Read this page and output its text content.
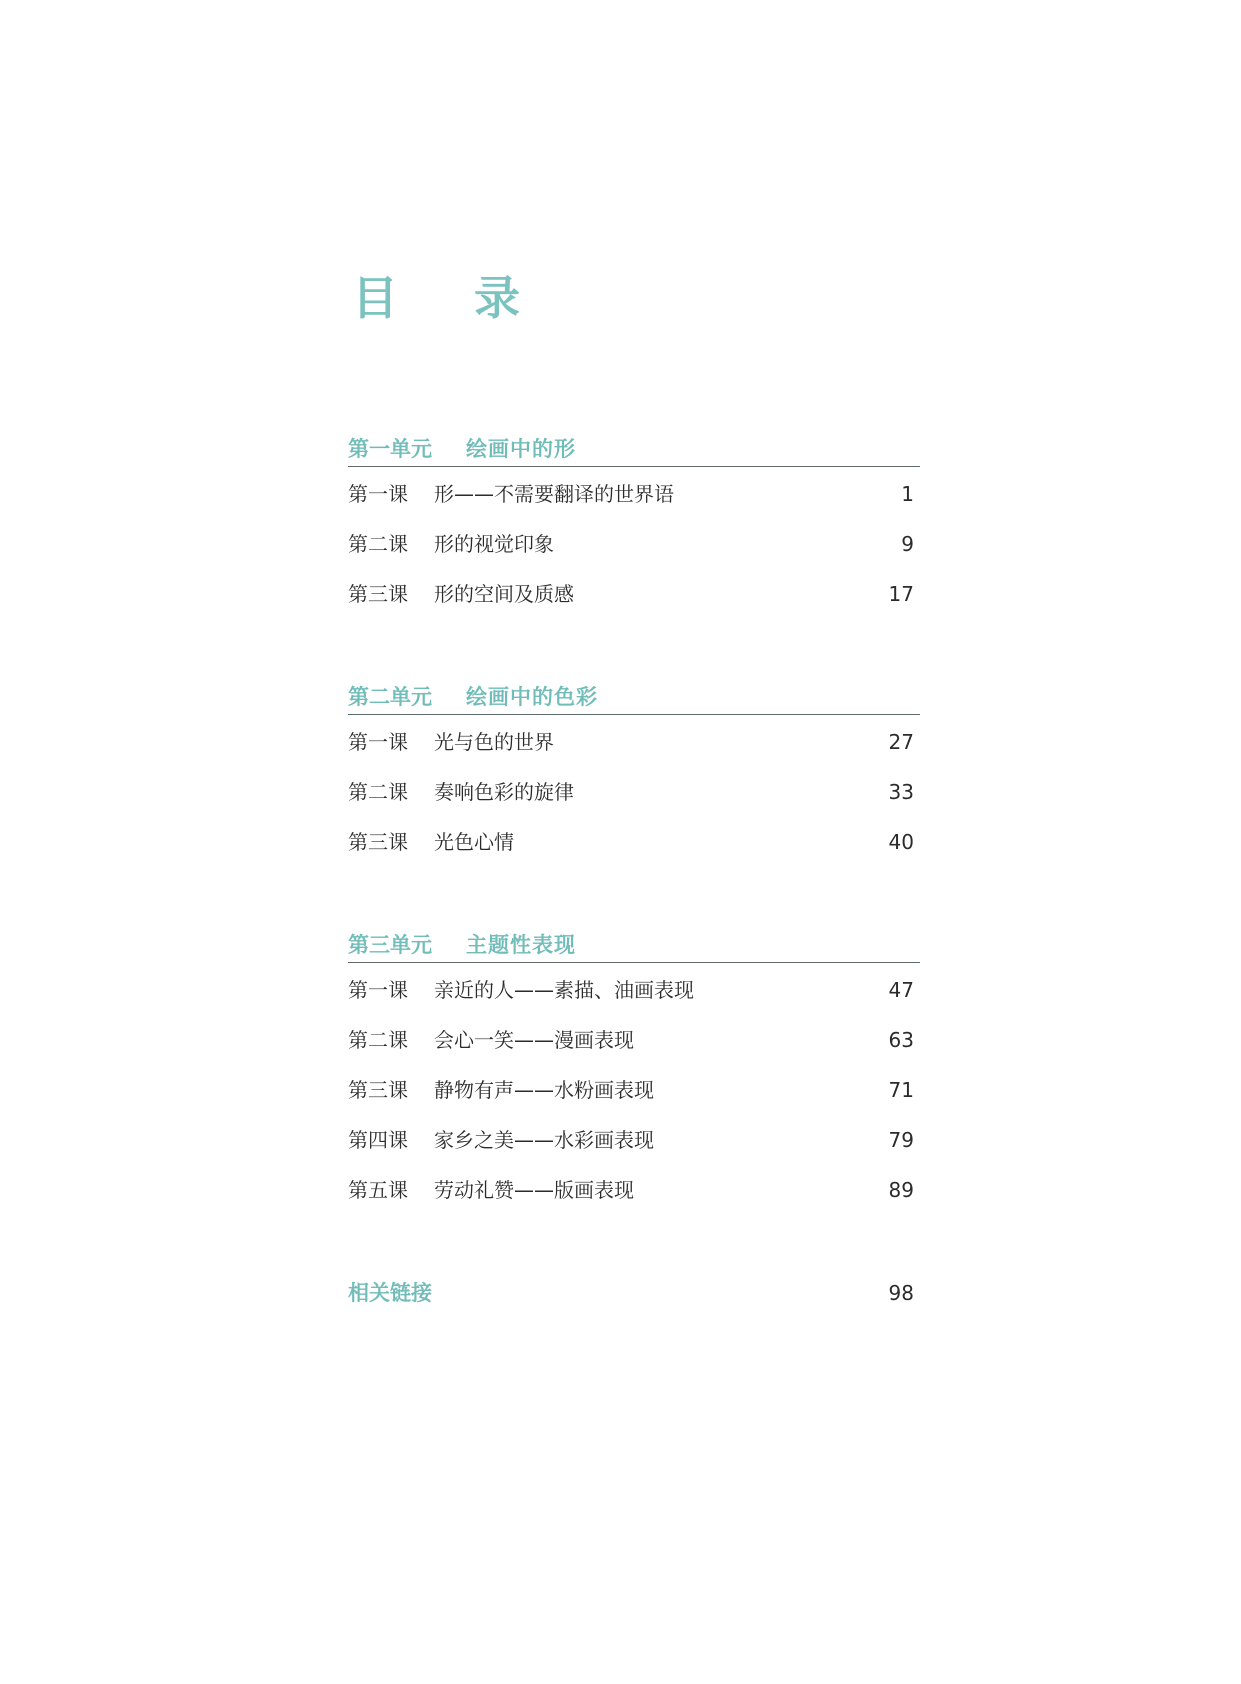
目 录
第一单元 绘画中的形
第一课 形——不需要翻译的世界语	1
第二课 形的视觉印象	9
第三课 形的空间及质感	17
第二单元 绘画中的色彩
第一课 光与色的世界	27
第二课 奏响色彩的旋律	33
第三课 光色心情	40
第三单元 主题性表现
第一课 亲近的人——素描、油画表现	47
第二课 会心一笑——漫画表现	63
第三课 静物有声——水粉画表现	71
第四课 家乡之美——水彩画表现	79
第五课 劳动礼赞——版画表现	89
相关链接	98
